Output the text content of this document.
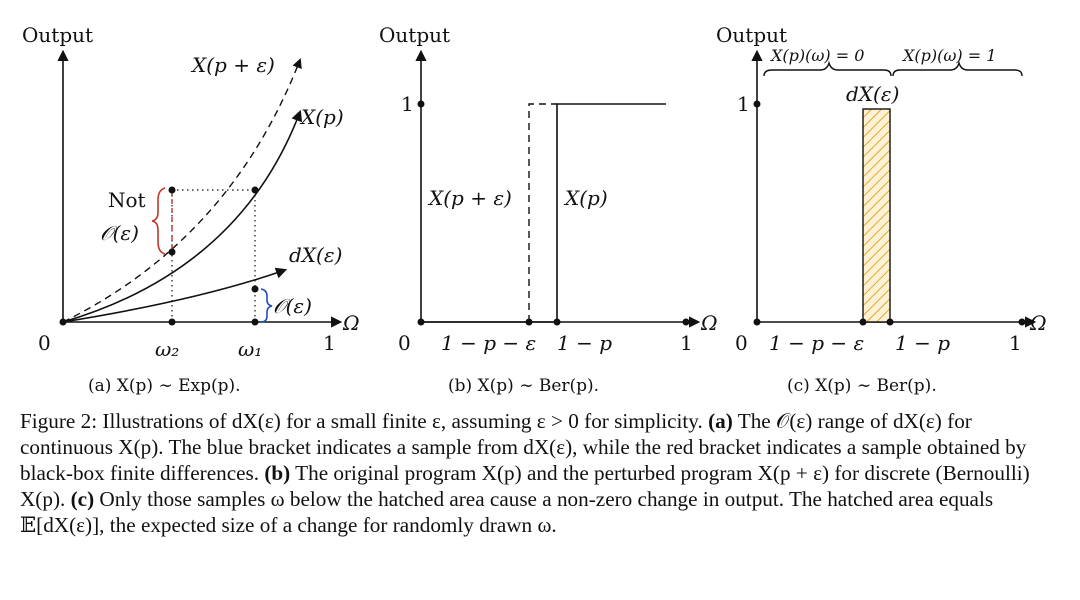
Output
Ω
X(p + ε)
X(p)
dX(ε)
Not
𝒪(ε)
𝒪(ε)
0	ω₂	ω₁	1
(a) X(p) ∼ Exp(p).
Output
Ω
1
X(p + ε)	X(p)
0 1 − p − ε 1 − p	1
(b) X(p) ∼ Ber(p).
Output
Ω
1
X(p)(ω) = 0 X(p)(ω) = 1
dX(ε)
0 1 − p − ε 1 − p	1
(c) X(p) ∼ Ber(p).

Figure 2: Illustrations of dX(ε) for a small finite ε, assuming ε > 0 for simplicity. (a) The 𝒪(ε) range of dX(ε) for continuous X(p). The blue bracket indicates a sample from dX(ε), while the red bracket indicates a sample obtained by black-box finite differences. (b) The original program X(p) and the perturbed program X(p + ε) for discrete (Bernoulli) X(p). (c) Only those samples ω below the hatched area cause a non-zero change in output. The hatched area equals 𝔼[dX(ε)], the expected size of a change for randomly drawn ω.
